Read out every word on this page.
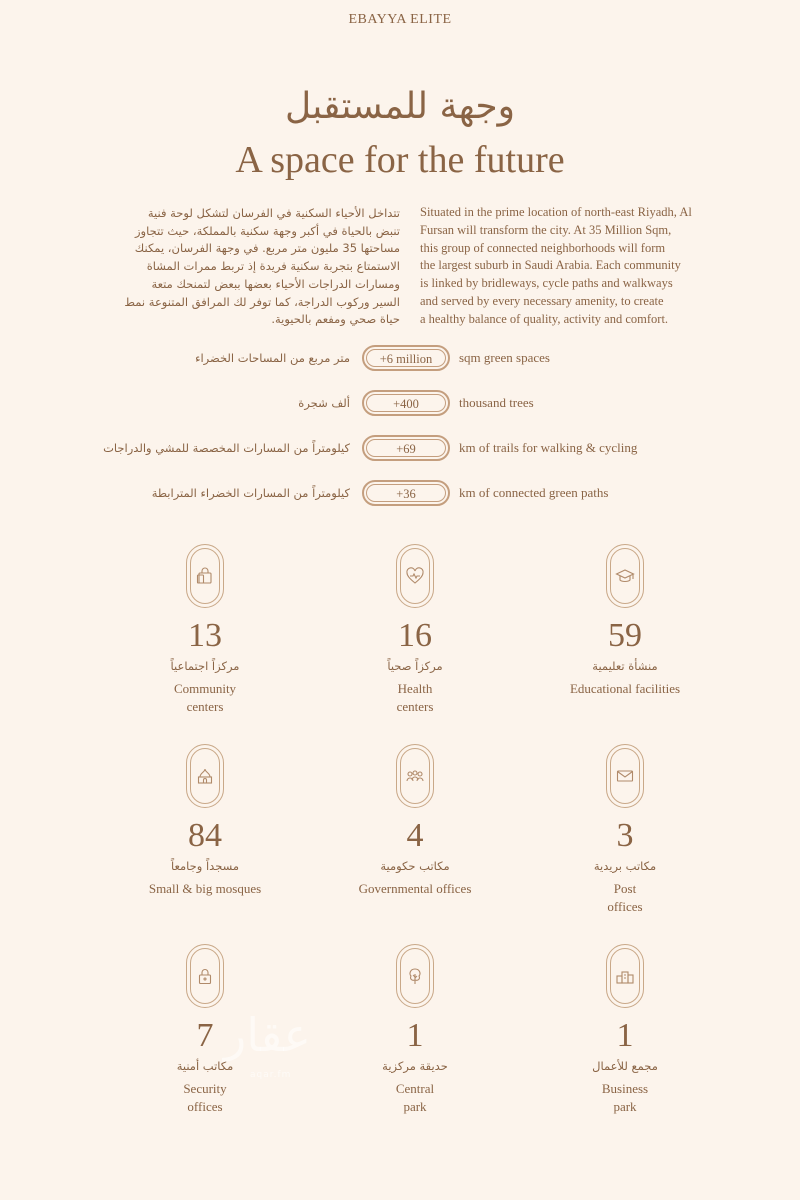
EBAYYA ELITE
وجهة للمستقبل
A space for the future
تتداخل الأحياء السكنية في الفرسان لتشكل لوحة فنية
تنبض بالحياة في أكبر وجهة سكنية بالمملكة، حيث تتجاوز
مساحتها 35 مليون متر مربع. في وجهة الفرسان، يمكنك
الاستمتاع بتجربة سكنية فريدة إذ تربط ممرات المشاة
ومسارات الدراجات الأحياء بعضها ببعض لتمنحك متعة
السير وركوب الدراجة، كما توفر لك المرافق المتنوعة نمط
حياة صحي ومفعم بالحيوية.
Situated in the prime location of north-east Riyadh, Al
Fursan will transform the city. At 35 Million Sqm,
this group of connected neighborhoods will form
the largest suburb in Saudi Arabia. Each community
is linked by bridleways, cycle paths and walkways
and served by every necessary amenity, to create
a healthy balance of quality, activity and comfort.
متر مربع من المساحات الخضراء	+6 million	sqm green spaces
ألف شجرة	+400	thousand trees
كيلومتراً من المسارات المخصصة للمشي والدراجات	+69	km of trails for walking & cycling
كيلومتراً من المسارات الخضراء المترابطة	+36	km of connected green paths
13
مركزاً اجتماعياً
Community
centers
16
مركزاً صحياً
Health
centers
59
منشأة تعليمية
Educational facilities
84
مسجداً وجامعاً
Small & big mosques
4
مكاتب حكومية
Governmental offices
3
مكاتب بريدية
Post
offices
7
مكاتب أمنية
Security
offices
1
حديقة مركزية
Central
park
1
مجمع للأعمال
Business
park
عقار
aqar.fm
